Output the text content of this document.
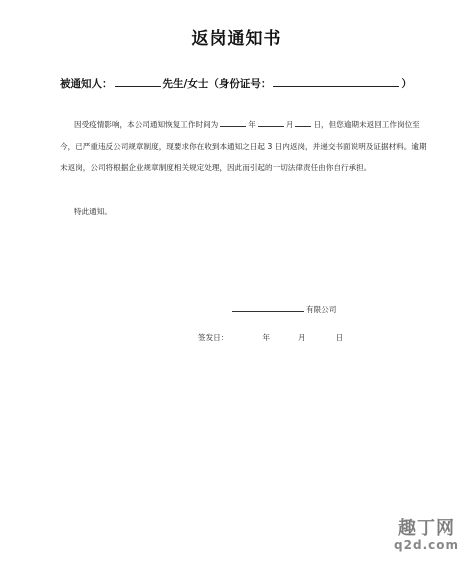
返岗通知书
被通知人：	先生/女士（身份证号：	）
因受疫情影响，本公司通知恢复工作时间为	年	月	日，但您逾期未返回工作岗位至今，已严重违反公司规章制度，现要求你在收到本通知之日起 3 日内返岗，并递交书面说明及证据材料。逾期未返岗，公司将根据企业规章制度相关规定处理，因此而引起的一切法律责任由你自行承担。
特此通知。
有限公司
签发日：	年	月	日
趣丁网
q2d.com
